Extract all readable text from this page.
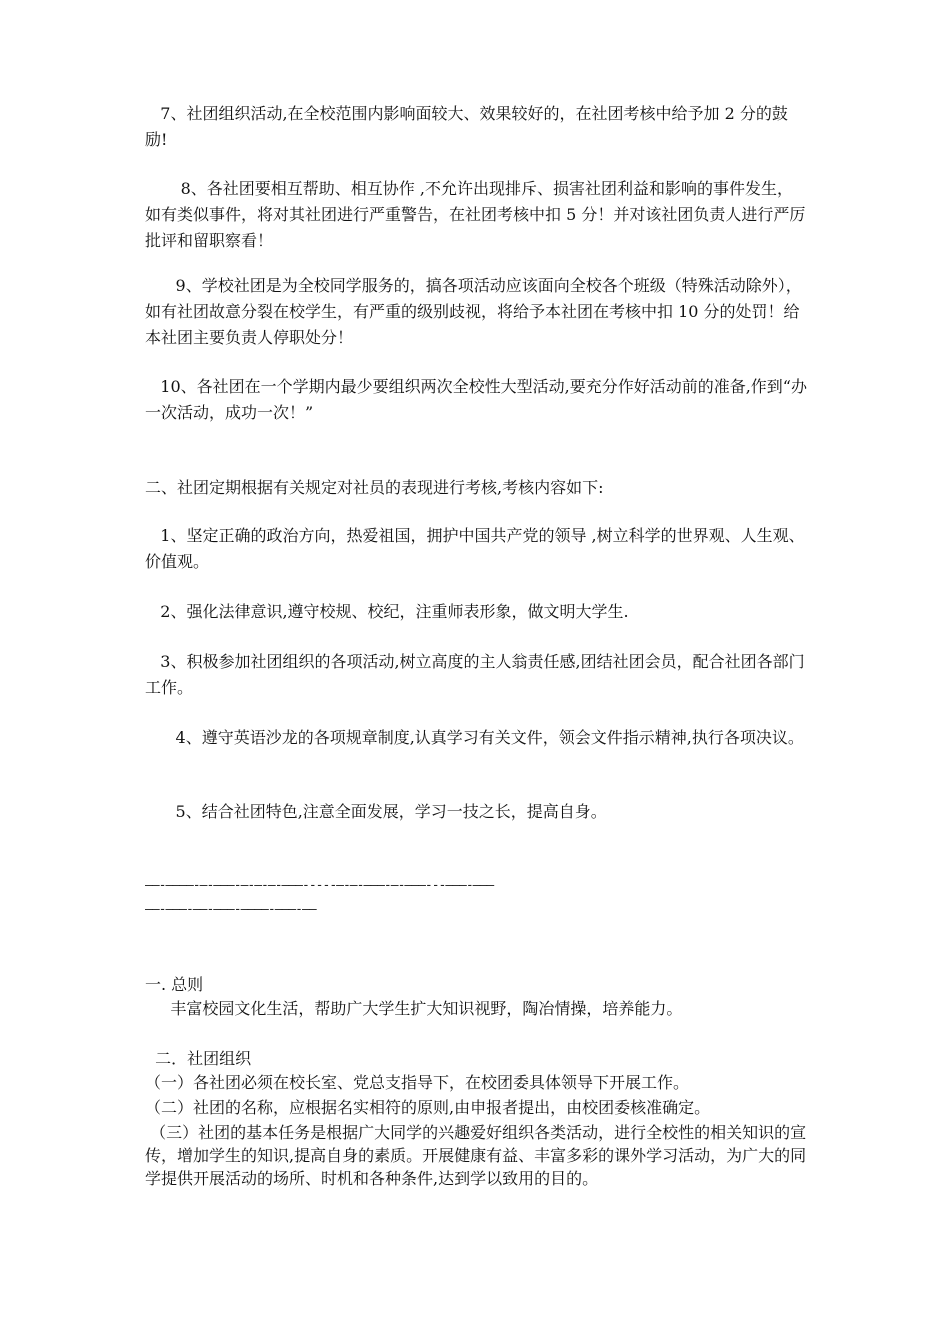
7、社团组织活动,在全校范围内影响面较大、效果较好的，在社团考核中给予加 2 分的鼓励!

8、各社团要相互帮助、相互协作 ,不允许出现排斥、损害社团利益和影响的事件发生，如有类似事件，将对其社团进行严重警告，在社团考核中扣 5 分！并对该社团负责人进行严厉批评和留职察看！

9、学校社团是为全校同学服务的，搞各项活动应该面向全校各个班级（特殊活动除外），如有社团故意分裂在校学生，有严重的级别歧视，将给予本社团在考核中扣 10 分的处罚！给本社团主要负责人停职处分！

10、各社团在一个学期内最少要组织两次全校性大型活动,要充分作好活动前的准备,作到“办一次活动，成功一次！”

二、社团定期根据有关规定对社员的表现进行考核,考核内容如下:

1、坚定正确的政治方向，热爱祖国，拥护中国共产党的领导 ,树立科学的世界观、人生观、价值观。

2、强化法律意识,遵守校规、校纪，注重师表形象，做文明大学生.

3、积极参加社团组织的各项活动,树立高度的主人翁责任感,团结社团会员，配合社团各部门工作。

4、遵守英语沙龙的各项规章制度,认真学习有关文件，领会文件指示精神,执行各项决议。

5、结合社团特色,注意全面发展，学习一技之长，提高自身。

——-————-—-———-—-—-—-———-----—-—-———-—-———---———-———

——-———-——-———-————-———-——

一. 总则

丰富校园文化生活，帮助广大学生扩大知识视野，陶冶情操，培养能力。

二．社团组织

（一）各社团必须在校长室、党总支指导下，在校团委具体领导下开展工作。

（二）社团的名称，应根据名实相符的原则,由申报者提出，由校团委核准确定。

（三）社团的基本任务是根据广大同学的兴趣爱好组织各类活动，进行全校性的相关知识的宣传，增加学生的知识,提高自身的素质。开展健康有益、丰富多彩的课外学习活动，为广大的同学提供开展活动的场所、时机和各种条件,达到学以致用的目的。
